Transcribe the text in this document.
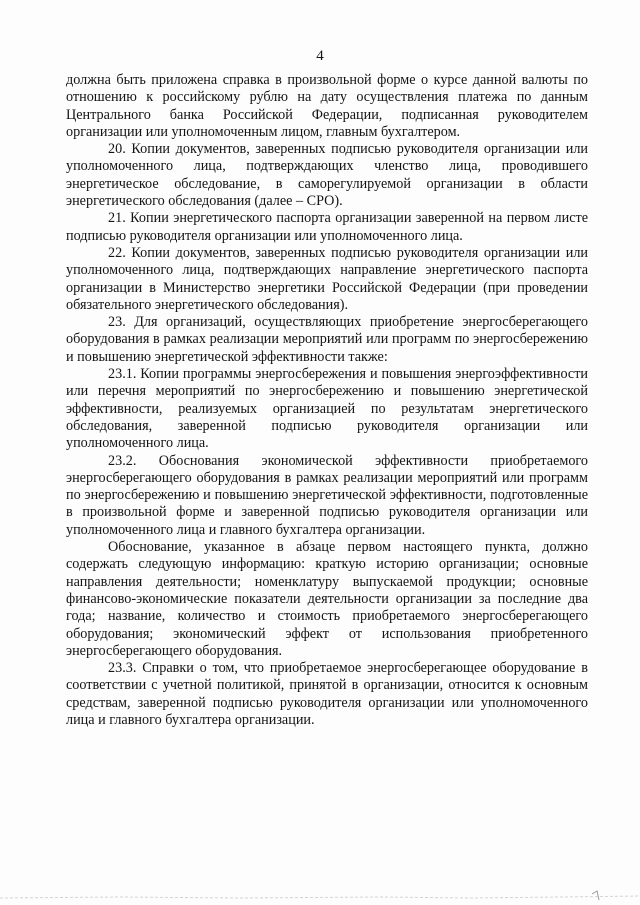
4

должна быть приложена справка в произвольной форме о курсе данной валюты по отношению к российскому рублю на дату осуществления платежа по данным Центрального банка Российской Федерации, подписанная руководителем организации или уполномоченным лицом, главным бухгалтером.

20. Копии документов, заверенных подписью руководителя организации или уполномоченного лица, подтверждающих членство лица, проводившего энергетическое обследование, в саморегулируемой организации в области энергетического обследования (далее – СРО).

21. Копии энергетического паспорта организации заверенной на первом листе подписью руководителя организации или уполномоченного лица.

22. Копии документов, заверенных подписью руководителя организации или уполномоченного лица, подтверждающих направление энергетического паспорта организации в Министерство энергетики Российской Федерации (при проведении обязательного энергетического обследования).

23. Для организаций, осуществляющих приобретение энергосберегающего оборудования в рамках реализации мероприятий или программ по энергосбережению и повышению энергетической эффективности также:

23.1. Копии программы энергосбережения и повышения энергоэффективности или перечня мероприятий по энергосбережению и повышению энергетической эффективности, реализуемых организацией по результатам энергетического обследования, заверенной подписью руководителя организации или уполномоченного лица.

23.2. Обоснования экономической эффективности приобретаемого энергосберегающего оборудования в рамках реализации мероприятий или программ по энергосбережению и повышению энергетической эффективности, подготовленные в произвольной форме и заверенной подписью руководителя организации или уполномоченного лица и главного бухгалтера организации.

Обоснование, указанное в абзаце первом настоящего пункта, должно содержать следующую информацию: краткую историю организации; основные направления деятельности; номенклатуру выпускаемой продукции; основные финансово-экономические показатели деятельности организации за последние два года; название, количество и стоимость приобретаемого энергосберегающего оборудования; экономический эффект от использования приобретенного энергосберегающего оборудования.

23.3. Справки о том, что приобретаемое энергосберегающее оборудование в соответствии с учетной политикой, принятой в организации, относится к основным средствам, заверенной подписью руководителя организации или уполномоченного лица и главного бухгалтера организации.
